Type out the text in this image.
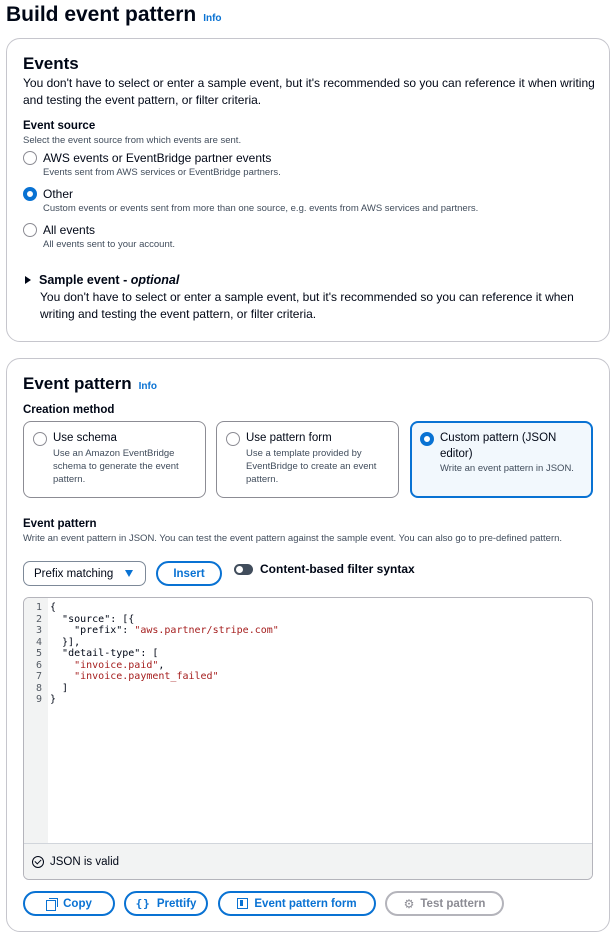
Build event pattern Info
Events
You don't have to select or enter a sample event, but it's recommended so you can reference it when writing and testing the event pattern, or filter criteria.
Event source
Select the event source from which events are sent.
AWS events or EventBridge partner events
Events sent from AWS services or EventBridge partners.
Other
Custom events or events sent from more than one source, e.g. events from AWS services and partners.
All events
All events sent to your account.
Sample event - optional
You don't have to select or enter a sample event, but it's recommended so you can reference it when writing and testing the event pattern, or filter criteria.
Event pattern Info
Creation method
Use schema
Use an Amazon EventBridge schema to generate the event pattern.
Use pattern form
Use a template provided by EventBridge to create an event pattern.
Custom pattern (JSON editor)
Write an event pattern in JSON.
Event pattern
Write an event pattern in JSON. You can test the event pattern against the sample event. You can also go to pre-defined pattern.
Prefix matching	Insert	Content-based filter syntax
1 {
2	"source": [{
3	"prefix": "aws.partner/stripe.com"
4 }],
5	"detail-type": [
6	"invoice.paid",
7	"invoice.payment_failed"
8 ]
9 }
JSON is valid
Copy	{} Prettify	Event pattern form	⚙ Test pattern
